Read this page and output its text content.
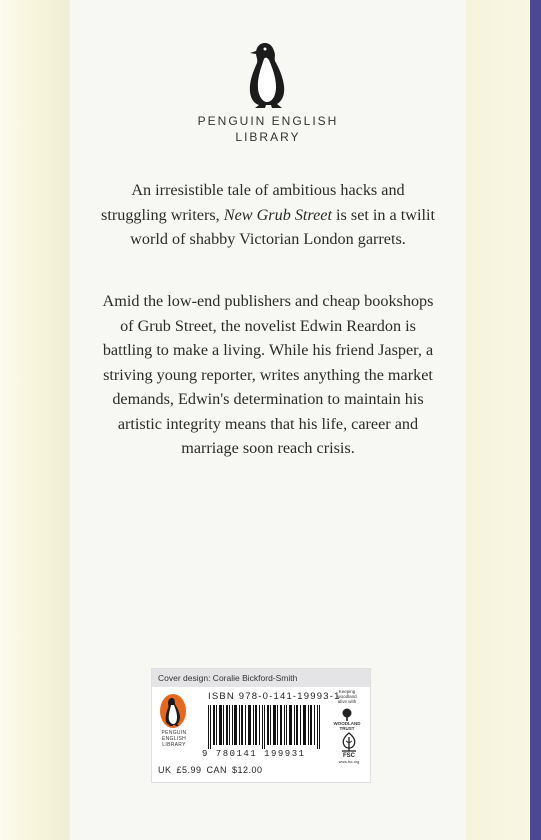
PENGUIN ENGLISH
LIBRARY

An irresistible tale of ambitious hacks and struggling writers, New Grub Street is set in a twilit world of shabby Victorian London garrets.

Amid the low-end publishers and cheap bookshops of Grub Street, the novelist Edwin Reardon is battling to make a living. While his friend Jasper, a striving young reporter, writes anything the market demands, Edwin's determination to maintain his artistic integrity means that his life, career and marriage soon reach crisis.

Cover design: Coralie Bickford-Smith
PENGUIN
ENGLISH
LIBRARY
ISBN 978-0-141-19993-1
9 780141 199931
Keeping
woodland
alive with
WOODLAND
TRUST
FSC
www.fsc.org
UK £5.99 CAN $12.00
